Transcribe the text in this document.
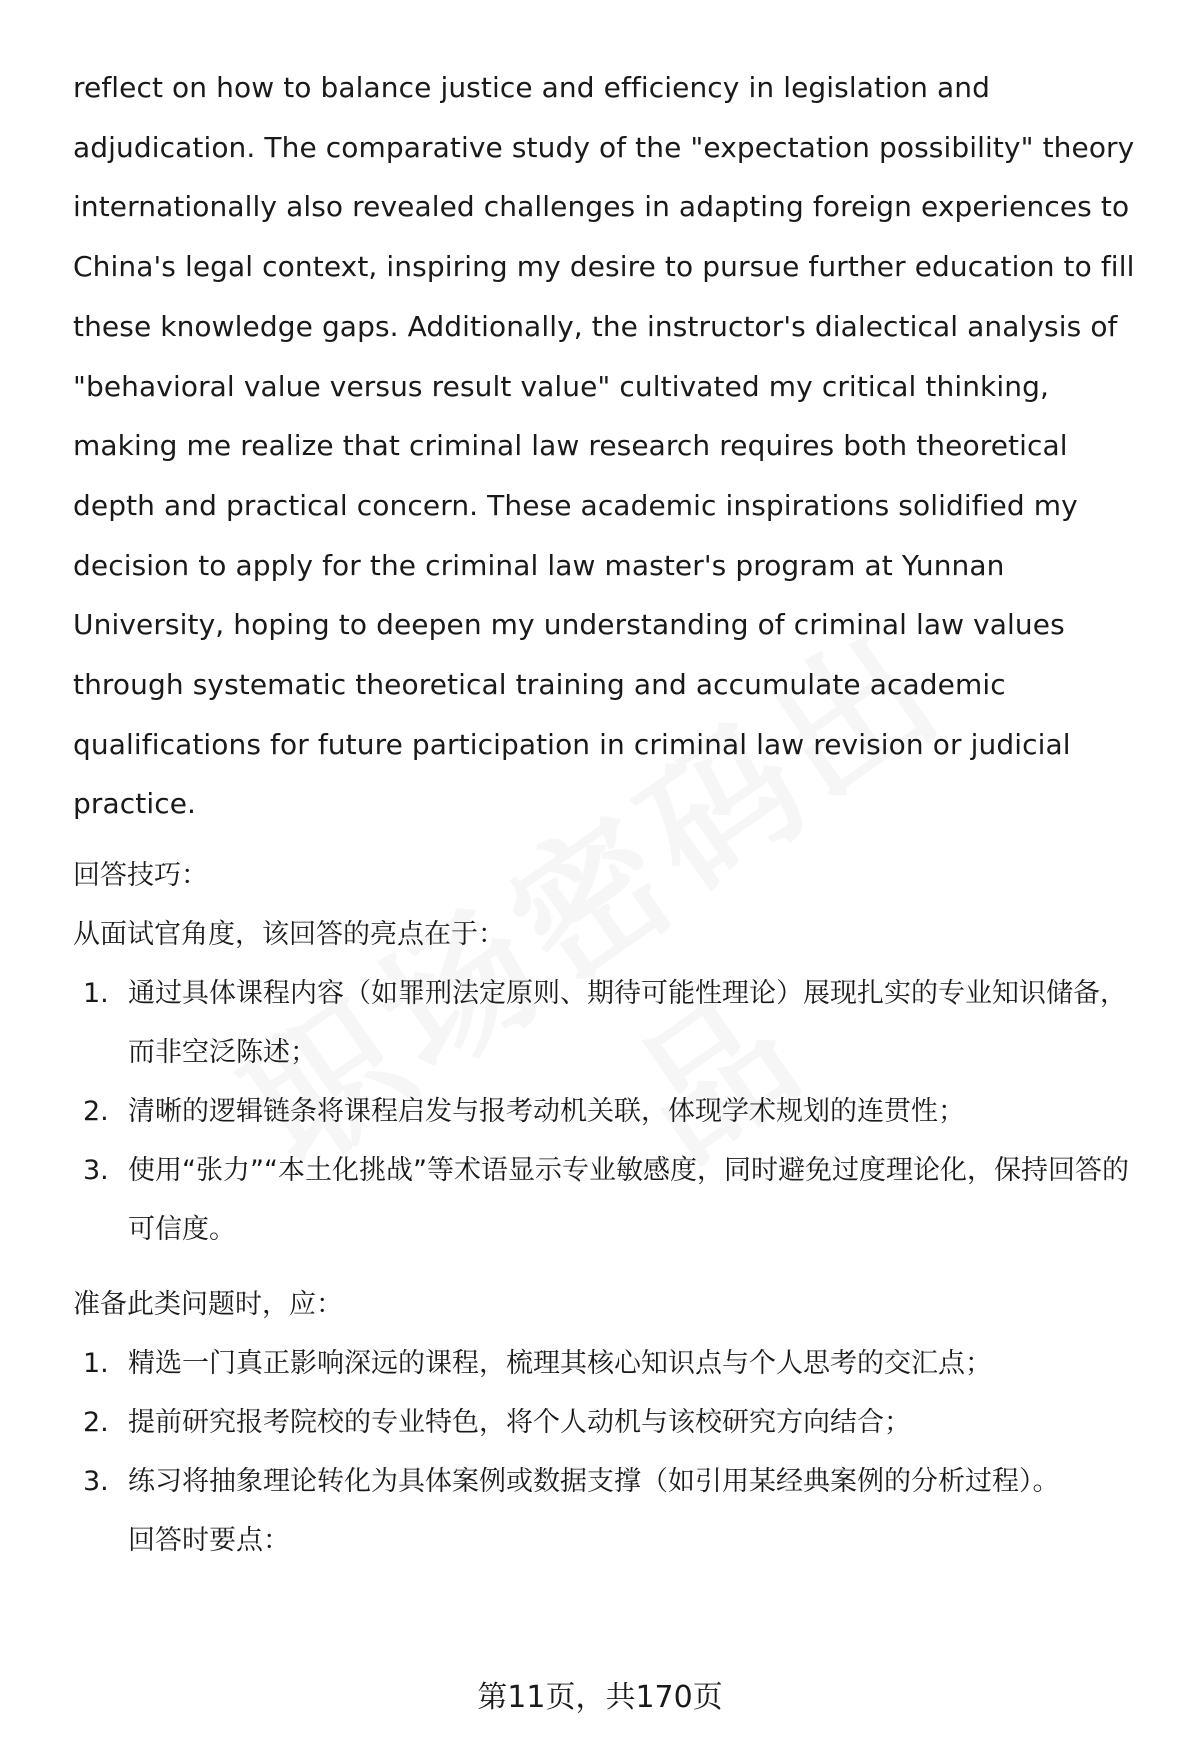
reflect on how to balance justice and efficiency in legislation and adjudication. The comparative study of the "expectation possibility" theory internationally also revealed challenges in adapting foreign experiences to China's legal context, inspiring my desire to pursue further education to fill these knowledge gaps. Additionally, the instructor's dialectical analysis of "behavioral value versus result value" cultivated my critical thinking, making me realize that criminal law research requires both theoretical depth and practical concern. These academic inspirations solidified my decision to apply for the criminal law master's program at Yunnan University, hoping to deepen my understanding of criminal law values through systematic theoretical training and accumulate academic qualifications for future participation in criminal law revision or judicial practice.

回答技巧：

从面试官角度，该回答的亮点在于：

1. 通过具体课程内容（如罪刑法定原则、期待可能性理论）展现扎实的专业知识储备，而非空泛陈述；
2. 清晰的逻辑链条将课程启发与报考动机关联，体现学术规划的连贯性；
3. 使用“张力”“本土化挑战”等术语显示专业敏感度，同时避免过度理论化，保持回答的可信度。

准备此类问题时，应：

1. 精选一门真正影响深远的课程，梳理其核心知识点与个人思考的交汇点；
2. 提前研究报考院校的专业特色，将个人动机与该校研究方向结合；
3. 练习将抽象理论转化为具体案例或数据支撑（如引用某经典案例的分析过程）。

回答时要点：

第11页，共170页
